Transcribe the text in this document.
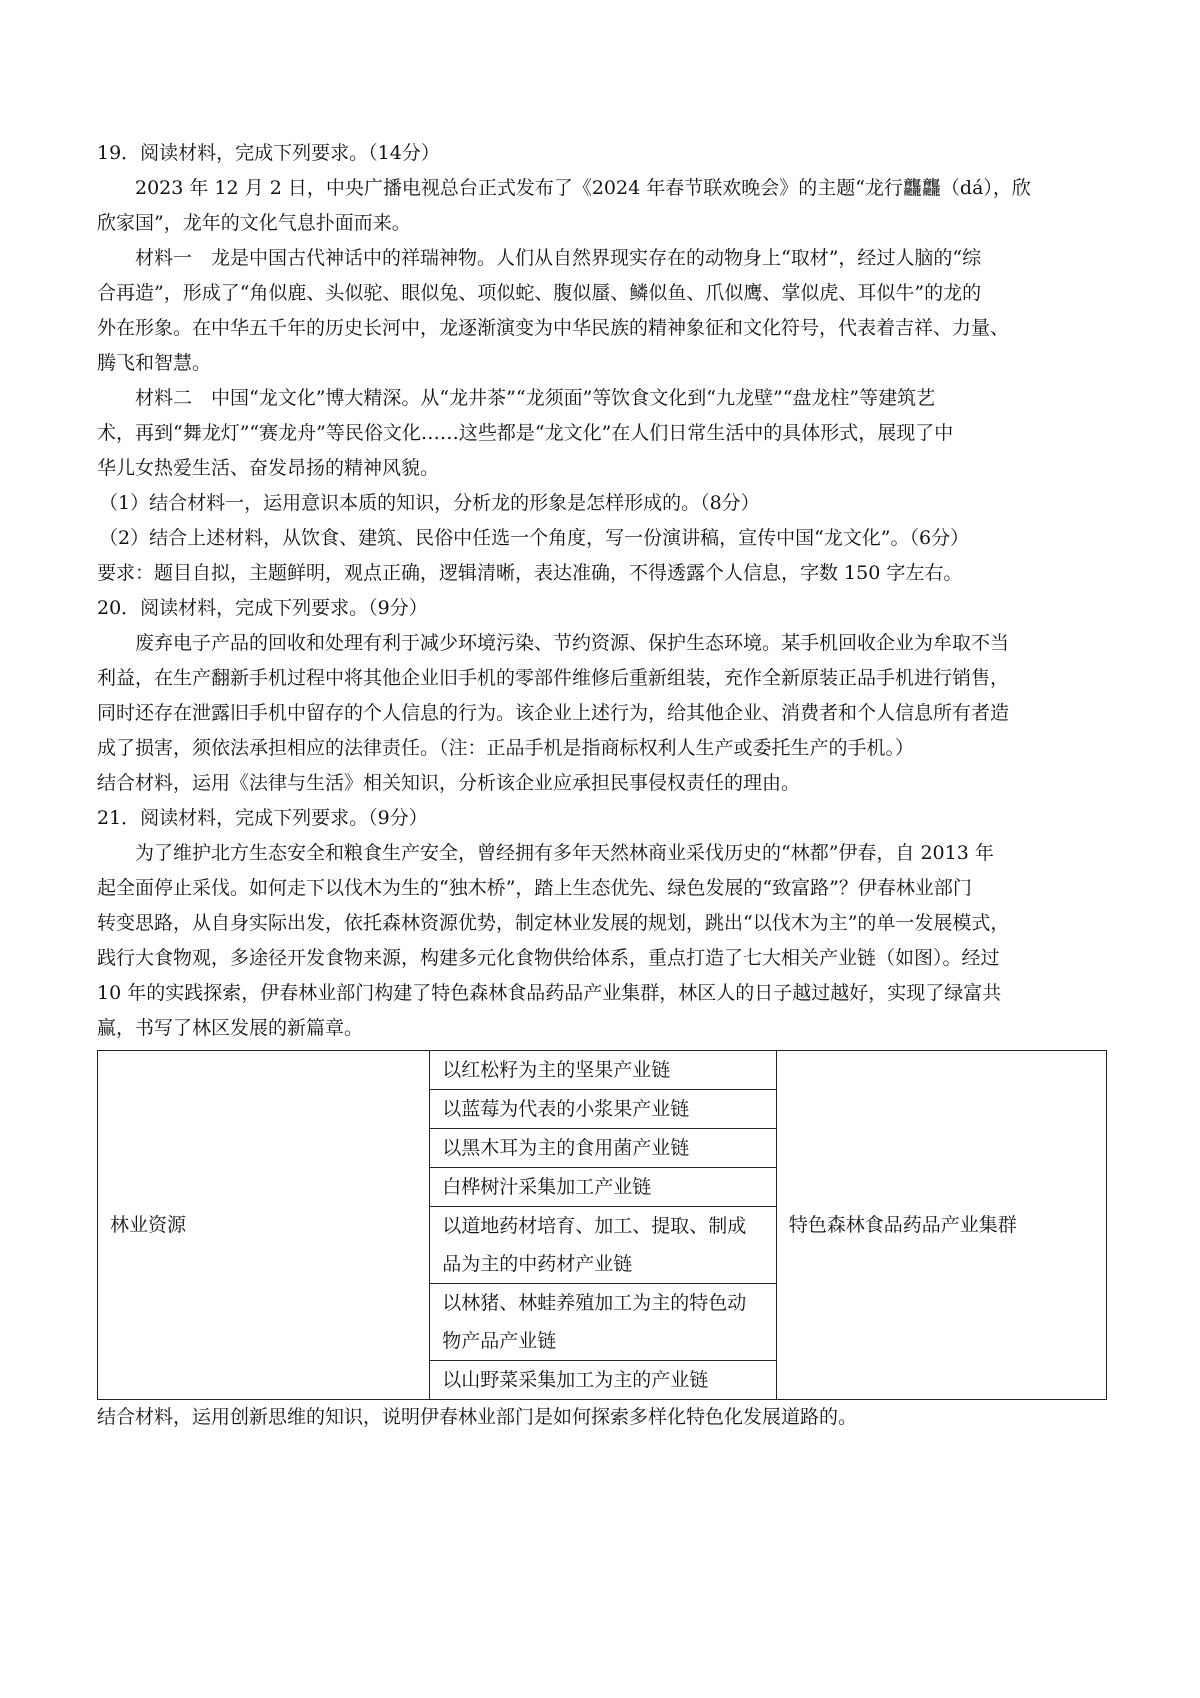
19．阅读材料，完成下列要求。（14分）

2023 年 12 月 2 日，中央广播电视总台正式发布了《2024 年春节联欢晚会》的主题“龙行龘龘（dá），欣

欣家国”，龙年的文化气息扑面而来。

材料一　龙是中国古代神话中的祥瑞神物。人们从自然界现实存在的动物身上“取材”，经过人脑的“综

合再造”，形成了“角似鹿、头似驼、眼似兔、项似蛇、腹似蜃、鳞似鱼、爪似鹰、掌似虎、耳似牛”的龙的

外在形象。在中华五千年的历史长河中，龙逐渐演变为中华民族的精神象征和文化符号，代表着吉祥、力量、

腾飞和智慧。

材料二　中国“龙文化”博大精深。从“龙井茶”“龙须面”等饮食文化到“九龙壁”“盘龙柱”等建筑艺

术，再到“舞龙灯”“赛龙舟”等民俗文化……这些都是“龙文化”在人们日常生活中的具体形式，展现了中

华儿女热爱生活、奋发昂扬的精神风貌。

（1）结合材料一，运用意识本质的知识，分析龙的形象是怎样形成的。（8分）

（2）结合上述材料，从饮食、建筑、民俗中任选一个角度，写一份演讲稿，宣传中国“龙文化”。（6分）

要求：题目自拟，主题鲜明，观点正确，逻辑清晰，表达准确，不得透露个人信息，字数 150 字左右。

20．阅读材料，完成下列要求。（9分）

废弃电子产品的回收和处理有利于减少环境污染、节约资源、保护生态环境。某手机回收企业为牟取不当

利益，在生产翻新手机过程中将其他企业旧手机的零部件维修后重新组装，充作全新原装正品手机进行销售，

同时还存在泄露旧手机中留存的个人信息的行为。该企业上述行为，给其他企业、消费者和个人信息所有者造

成了损害，须依法承担相应的法律责任。（注：正品手机是指商标权利人生产或委托生产的手机。）

结合材料，运用《法律与生活》相关知识，分析该企业应承担民事侵权责任的理由。

21．阅读材料，完成下列要求。（9分）

为了维护北方生态安全和粮食生产安全，曾经拥有多年天然林商业采伐历史的“林都”伊春，自 2013 年

起全面停止采伐。如何走下以伐木为生的“独木桥”，踏上生态优先、绿色发展的“致富路”？伊春林业部门

转变思路，从自身实际出发，依托森林资源优势，制定林业发展的规划，跳出“以伐木为主”的单一发展模式，

践行大食物观，多途径开发食物来源，构建多元化食物供给体系，重点打造了七大相关产业链（如图）。经过

10 年的实践探索，伊春林业部门构建了特色森林食品药品产业集群，林区人的日子越过越好，实现了绿富共

赢，书写了林区发展的新篇章。

林业资源	以红松籽为主的坚果产业链	特色森林食品药品产业集群
以蓝莓为代表的小浆果产业链
以黑木耳为主的食用菌产业链
白桦树汁采集加工产业链
以道地药材培育、加工、提取、制成品为主的中药材产业链
以林猪、林蛙养殖加工为主的特色动物产品产业链
以山野菜采集加工为主的产业链

结合材料，运用创新思维的知识，说明伊春林业部门是如何探索多样化特色化发展道路的。
